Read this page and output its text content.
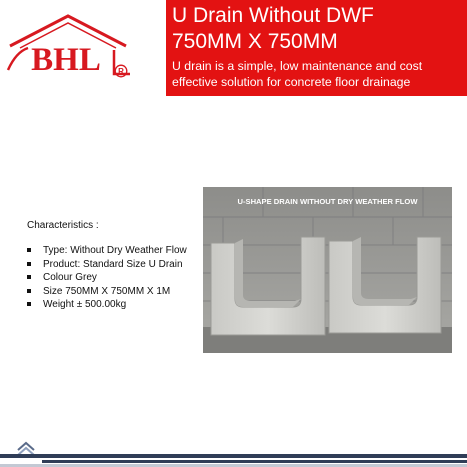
BHL R
U Drain Without DWF
750MM X 750MM
U drain is a simple, low maintenance and cost effective solution for concrete floor drainage

Characteristics :

Type: Without Dry Weather Flow
Product: Standard Size U Drain
Colour Grey
Size 750MM X 750MM X 1M
Weight ± 500.00kg
U-SHAPE DRAIN WITHOUT DRY WEATHER FLOW
